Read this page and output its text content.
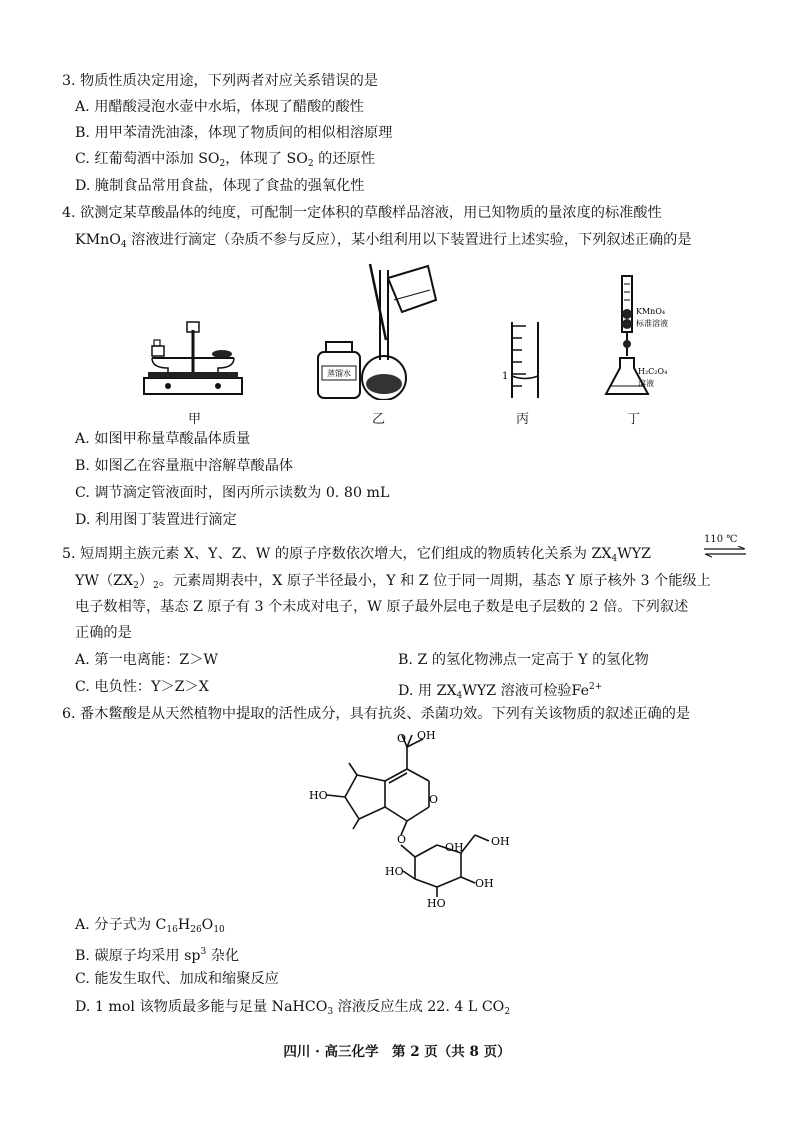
3. 物质性质决定用途，下列两者对应关系错误的是
A. 用醋酸浸泡水壶中水垢，体现了醋酸的酸性
B. 用甲苯清洗油漆，体现了物质间的相似相溶原理
C. 红葡萄酒中添加 $SO_2$，体现了 $SO_2$ 的还原性
D. 腌制食品常用食盐，体现了食盐的强氧化性
4. 欲测定某草酸晶体的纯度，可配制一定体积的草酸样品溶液，用已知物质的量浓度的标准酸性
KMnO$_4$ 溶液进行滴定（杂质不参与反应），某小组利用以下装置进行上述实验，下列叙述正确的是
甲
蒸馏水
乙
1
丙
KMnO₄
标准溶液
H₂C₂O₄
溶液
丁
A. 如图甲称量草酸晶体质量
B. 如图乙在容量瓶中溶解草酸晶体
C. 调节滴定管液面时，图丙所示读数为 0. 80 mL
D. 利用图丁装置进行滴定
5. 短周期主族元素 X、Y、Z、W 的原子序数依次增大，它们组成的物质转化关系为 $ZX_4WYZ$
110 ℃
$YW(ZX_2)_2$。元素周期表中，X 原子半径最小，Y 和 Z 位于同一周期，基态 Y 原子核外 3 个能级上
电子数相等，基态 Z 原子有 3 个未成对电子，W 原子最外层电子数是电子层数的 2 倍。下列叙述
正确的是
A. 第一电离能：Z＞W	B. Z 的氢化物沸点一定高于 Y 的氢化物
C. 电负性：Y＞Z＞X	D. 用 $ZX_4WYZ$ 溶液可检验$Fe^{2+}$
6. 番木鳖酸是从天然植物中提取的活性成分，具有抗炎、杀菌功效。下列有关该物质的叙述正确的是
OH
HO
O
O
O	OH
HO
OH
HO
OH
A. 分子式为 $C_{16}H_{26}O_{10}$
B. 碳原子均采用 $sp^3$ 杂化
C. 能发生取代、加成和缩聚反应
D. 1 mol 该物质最多能与足量 NaHCO$_3$ 溶液反应生成 22. 4 L $CO_2$
四川 · 高三化学　第 2 页（共 8 页）
